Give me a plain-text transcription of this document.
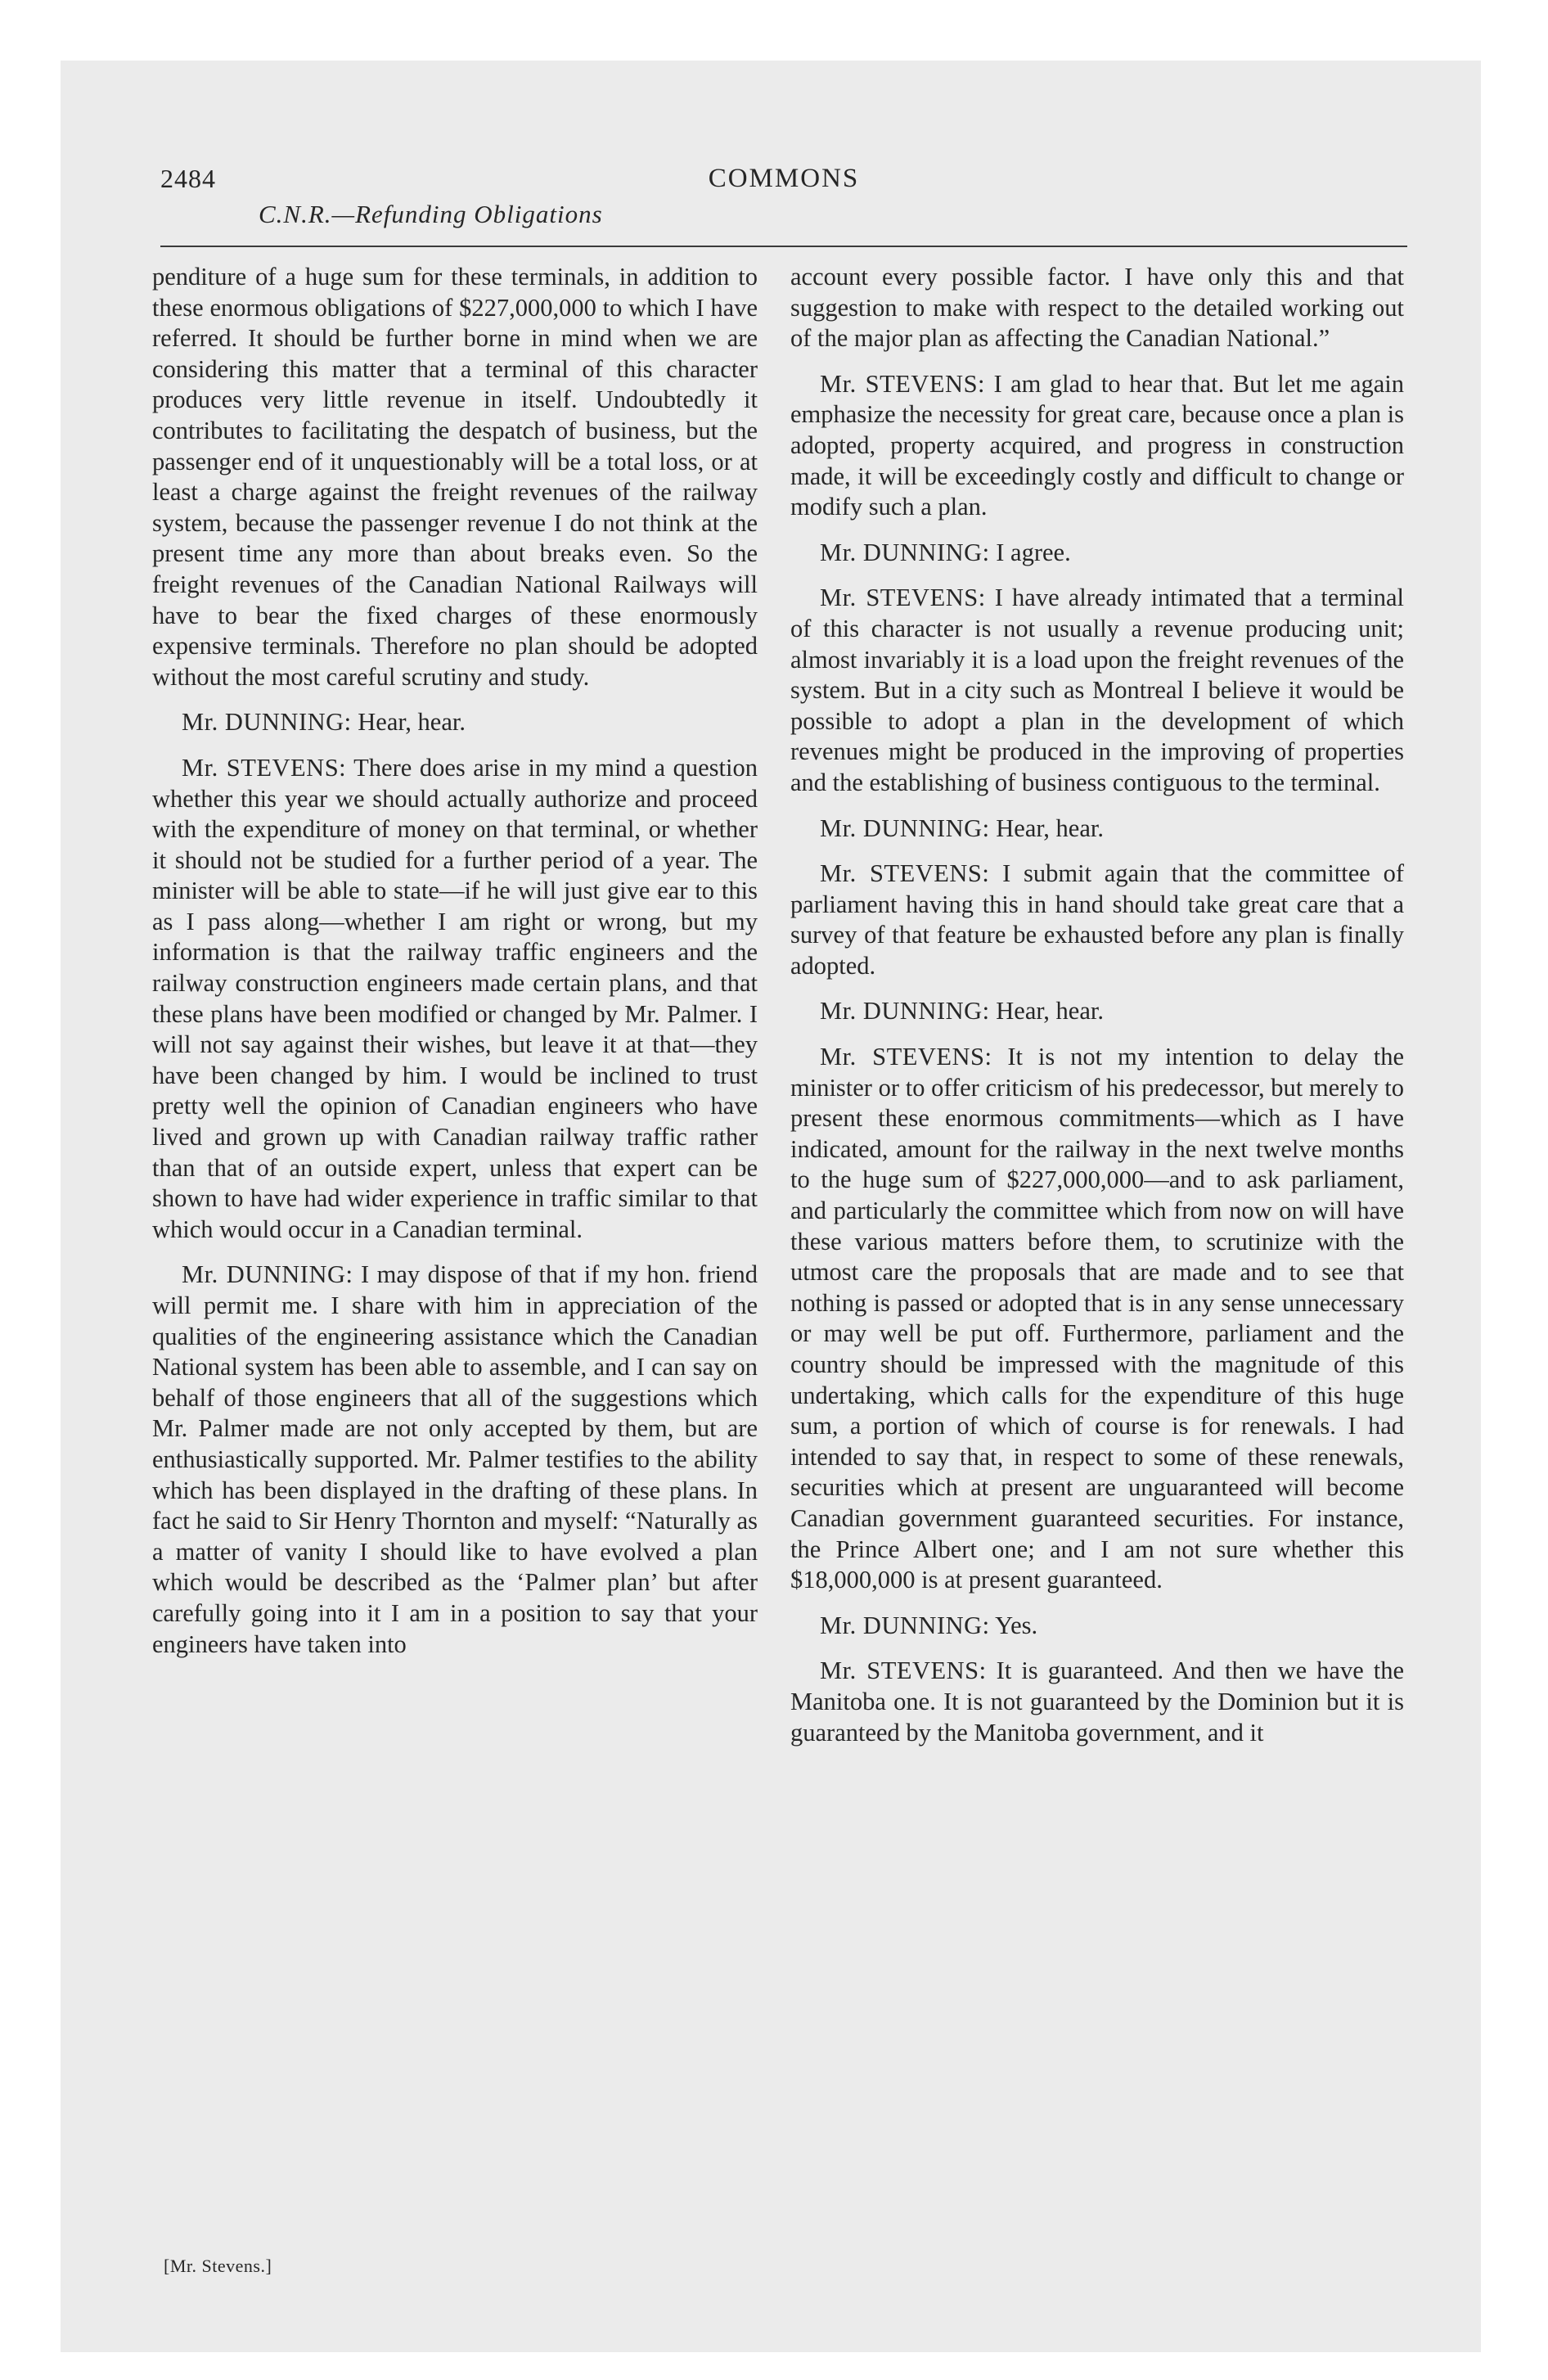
2484	COMMONS
C.N.R.—Refunding Obligations

penditure of a huge sum for these terminals, in addition to these enormous obligations of $227,000,000 to which I have referred. It should be further borne in mind when we are considering this matter that a terminal of this character produces very little revenue in itself. Undoubtedly it contributes to facilitating the despatch of business, but the passenger end of it unquestionably will be a total loss, or at least a charge against the freight revenues of the railway system, because the passenger revenue I do not think at the present time any more than about breaks even. So the freight revenues of the Canadian National Railways will have to bear the fixed charges of these enormously expensive terminals. Therefore no plan should be adopted without the most careful scrutiny and study.

Mr. DUNNING: Hear, hear.

Mr. STEVENS: There does arise in my mind a question whether this year we should actually authorize and proceed with the expenditure of money on that terminal, or whether it should not be studied for a further period of a year. The minister will be able to state—if he will just give ear to this as I pass along—whether I am right or wrong, but my information is that the railway traffic engineers and the railway construction engineers made certain plans, and that these plans have been modified or changed by Mr. Palmer. I will not say against their wishes, but leave it at that—they have been changed by him. I would be inclined to trust pretty well the opinion of Canadian engineers who have lived and grown up with Canadian railway traffic rather than that of an outside expert, unless that expert can be shown to have had wider experience in traffic similar to that which would occur in a Canadian terminal.

Mr. DUNNING: I may dispose of that if my hon. friend will permit me. I share with him in appreciation of the qualities of the engineering assistance which the Canadian National system has been able to assemble, and I can say on behalf of those engineers that all of the suggestions which Mr. Palmer made are not only accepted by them, but are enthusiastically supported. Mr. Palmer testifies to the ability which has been displayed in the drafting of these plans. In fact he said to Sir Henry Thornton and myself: “Naturally as a matter of vanity I should like to have evolved a plan which would be described as the ‘Palmer plan’ but after carefully going into it I am in a position to say that your engineers have taken into

account every possible factor. I have only this and that suggestion to make with respect to the detailed working out of the major plan as affecting the Canadian National.”

Mr. STEVENS: I am glad to hear that. But let me again emphasize the necessity for great care, because once a plan is adopted, property acquired, and progress in construction made, it will be exceedingly costly and difficult to change or modify such a plan.

Mr. DUNNING: I agree.

Mr. STEVENS: I have already intimated that a terminal of this character is not usually a revenue producing unit; almost invariably it is a load upon the freight revenues of the system. But in a city such as Montreal I believe it would be possible to adopt a plan in the development of which revenues might be produced in the improving of properties and the establishing of business contiguous to the terminal.

Mr. DUNNING: Hear, hear.

Mr. STEVENS: I submit again that the committee of parliament having this in hand should take great care that a survey of that feature be exhausted before any plan is finally adopted.

Mr. DUNNING: Hear, hear.

Mr. STEVENS: It is not my intention to delay the minister or to offer criticism of his predecessor, but merely to present these enormous commitments—which as I have indicated, amount for the railway in the next twelve months to the huge sum of $227,000,000—and to ask parliament, and particularly the committee which from now on will have these various matters before them, to scrutinize with the utmost care the proposals that are made and to see that nothing is passed or adopted that is in any sense unnecessary or may well be put off. Furthermore, parliament and the country should be impressed with the magnitude of this undertaking, which calls for the expenditure of this huge sum, a portion of which of course is for renewals. I had intended to say that, in respect to some of these renewals, securities which at present are unguaranteed will become Canadian government guaranteed securities. For instance, the Prince Albert one; and I am not sure whether this $18,000,000 is at present guaranteed.

Mr. DUNNING: Yes.

Mr. STEVENS: It is guaranteed. And then we have the Manitoba one. It is not guaranteed by the Dominion but it is guaranteed by the Manitoba government, and it

[Mr. Stevens.]
